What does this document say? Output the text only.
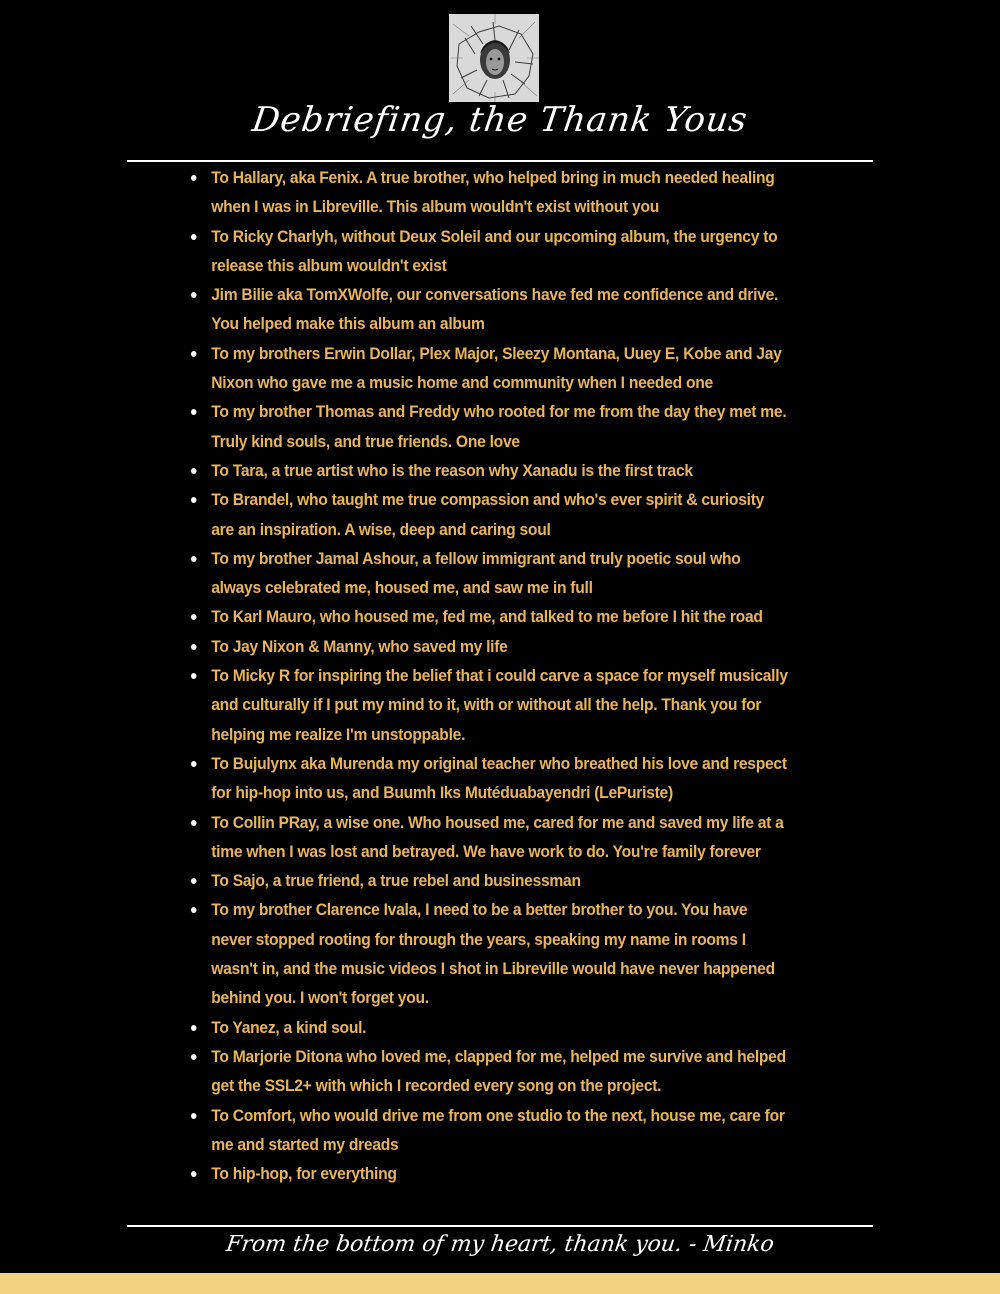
Debriefing, the Thank Yous
To Hallary, aka Fenix. A true brother, who helped bring in much needed healing when I was in Libreville. This album wouldn't exist without you
To Ricky Charlyh, without Deux Soleil and our upcoming album, the urgency to release this album wouldn't exist
Jim Bilie aka TomXWolfe, our conversations have fed me confidence and drive. You helped make this album an album
To my brothers Erwin Dollar, Plex Major, Sleezy Montana, Uuey E, Kobe and Jay Nixon who gave me a music home and community when I needed one
To my brother Thomas and Freddy who rooted for me from the day they met me. Truly kind souls, and true friends. One love
To Tara, a true artist who is the reason why Xanadu is the first track
To Brandel, who taught me true compassion and who's ever spirit & curiosity are an inspiration. A wise, deep and caring soul
To my brother Jamal Ashour, a fellow immigrant and truly poetic soul who always celebrated me, housed me, and saw me in full
To Karl Mauro, who housed me, fed me, and talked to me before I hit the road
To Jay Nixon & Manny, who saved my life
To Micky R for inspiring the belief that i could carve a space for myself musically and culturally if I put my mind to it, with or without all the help. Thank you for helping me realize I'm unstoppable.
To Bujulynx aka Murenda my original teacher who breathed his love and respect for hip-hop into us, and Buumh Iks Mutéduabayendri (LePuriste)
To Collin PRay, a wise one. Who housed me, cared for me and saved my life at a time when I was lost and betrayed. We have work to do. You're family forever
To Sajo, a true friend, a true rebel and businessman
To my brother Clarence Ivala, I need to be a better brother to you. You have never stopped rooting for through the years, speaking my name in rooms I wasn't in, and the music videos I shot in Libreville would have never happened behind you. I won't forget you.
To Yanez, a kind soul.
To Marjorie Ditona who loved me, clapped for me, helped me survive and helped get the SSL2+ with which I recorded every song on the project.
To Comfort, who would drive me from one studio to the next, house me, care for me and started my dreads
To hip-hop, for everything
From the bottom of my heart, thank you. - Minko
